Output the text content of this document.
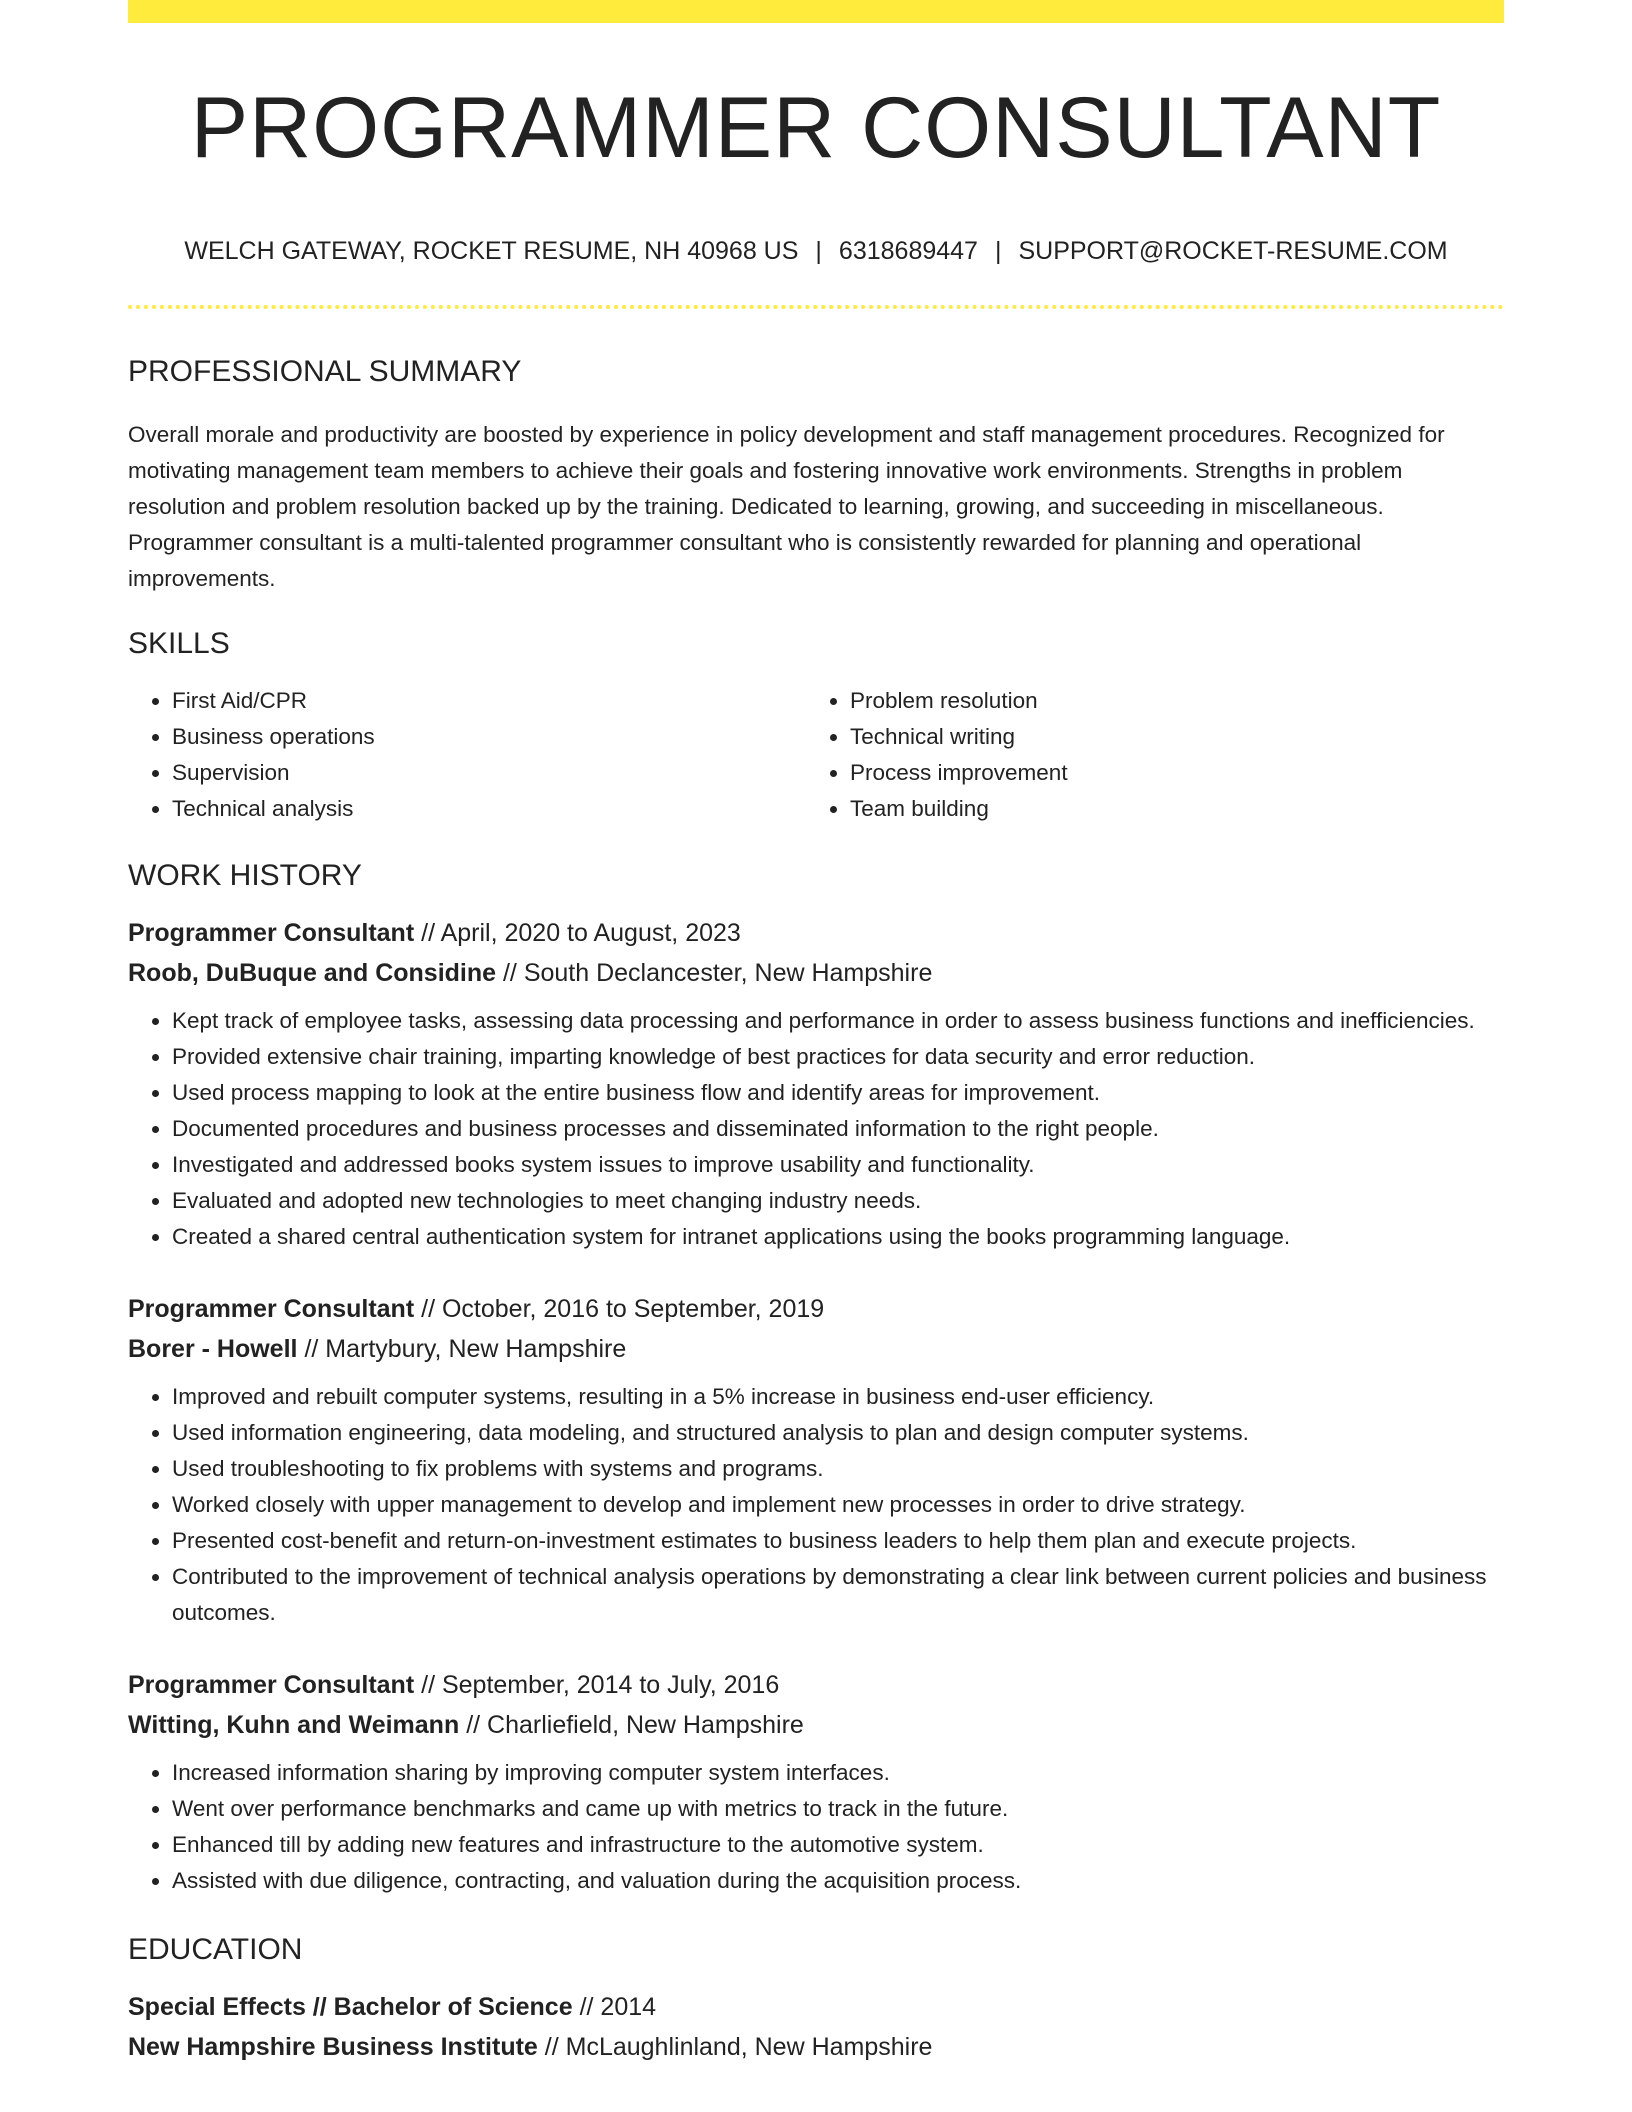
PROGRAMMER CONSULTANT
WELCH GATEWAY, ROCKET RESUME, NH 40968 US | 6318689447 | SUPPORT@ROCKET-RESUME.COM
PROFESSIONAL SUMMARY

Overall morale and productivity are boosted by experience in policy development and staff management procedures. Recognized for motivating management team members to achieve their goals and fostering innovative work environments. Strengths in problem resolution and problem resolution backed up by the training. Dedicated to learning, growing, and succeeding in miscellaneous. Programmer consultant is a multi-talented programmer consultant who is consistently rewarded for planning and operational improvements.

SKILLS
• First Aid/CPR
• Business operations
• Supervision
• Technical analysis
• Problem resolution
• Technical writing
• Process improvement
• Team building
WORK HISTORY
Programmer Consultant // April, 2020 to August, 2023
Roob, DuBuque and Considine // South Declancester, New Hampshire
• Kept track of employee tasks, assessing data processing and performance in order to assess business functions and inefficiencies.
• Provided extensive chair training, imparting knowledge of best practices for data security and error reduction.
• Used process mapping to look at the entire business flow and identify areas for improvement.
• Documented procedures and business processes and disseminated information to the right people.
• Investigated and addressed books system issues to improve usability and functionality.
• Evaluated and adopted new technologies to meet changing industry needs.
• Created a shared central authentication system for intranet applications using the books programming language.
Programmer Consultant // October, 2016 to September, 2019
Borer - Howell // Martybury, New Hampshire
• Improved and rebuilt computer systems, resulting in a 5% increase in business end-user efficiency.
• Used information engineering, data modeling, and structured analysis to plan and design computer systems.
• Used troubleshooting to fix problems with systems and programs.
• Worked closely with upper management to develop and implement new processes in order to drive strategy.
• Presented cost-benefit and return-on-investment estimates to business leaders to help them plan and execute projects.
• Contributed to the improvement of technical analysis operations by demonstrating a clear link between current policies and business outcomes.
Programmer Consultant // September, 2014 to July, 2016
Witting, Kuhn and Weimann // Charliefield, New Hampshire
• Increased information sharing by improving computer system interfaces.
• Went over performance benchmarks and came up with metrics to track in the future.
• Enhanced till by adding new features and infrastructure to the automotive system.
• Assisted with due diligence, contracting, and valuation during the acquisition process.
EDUCATION
Special Effects // Bachelor of Science // 2014
New Hampshire Business Institute // McLaughlinland, New Hampshire
